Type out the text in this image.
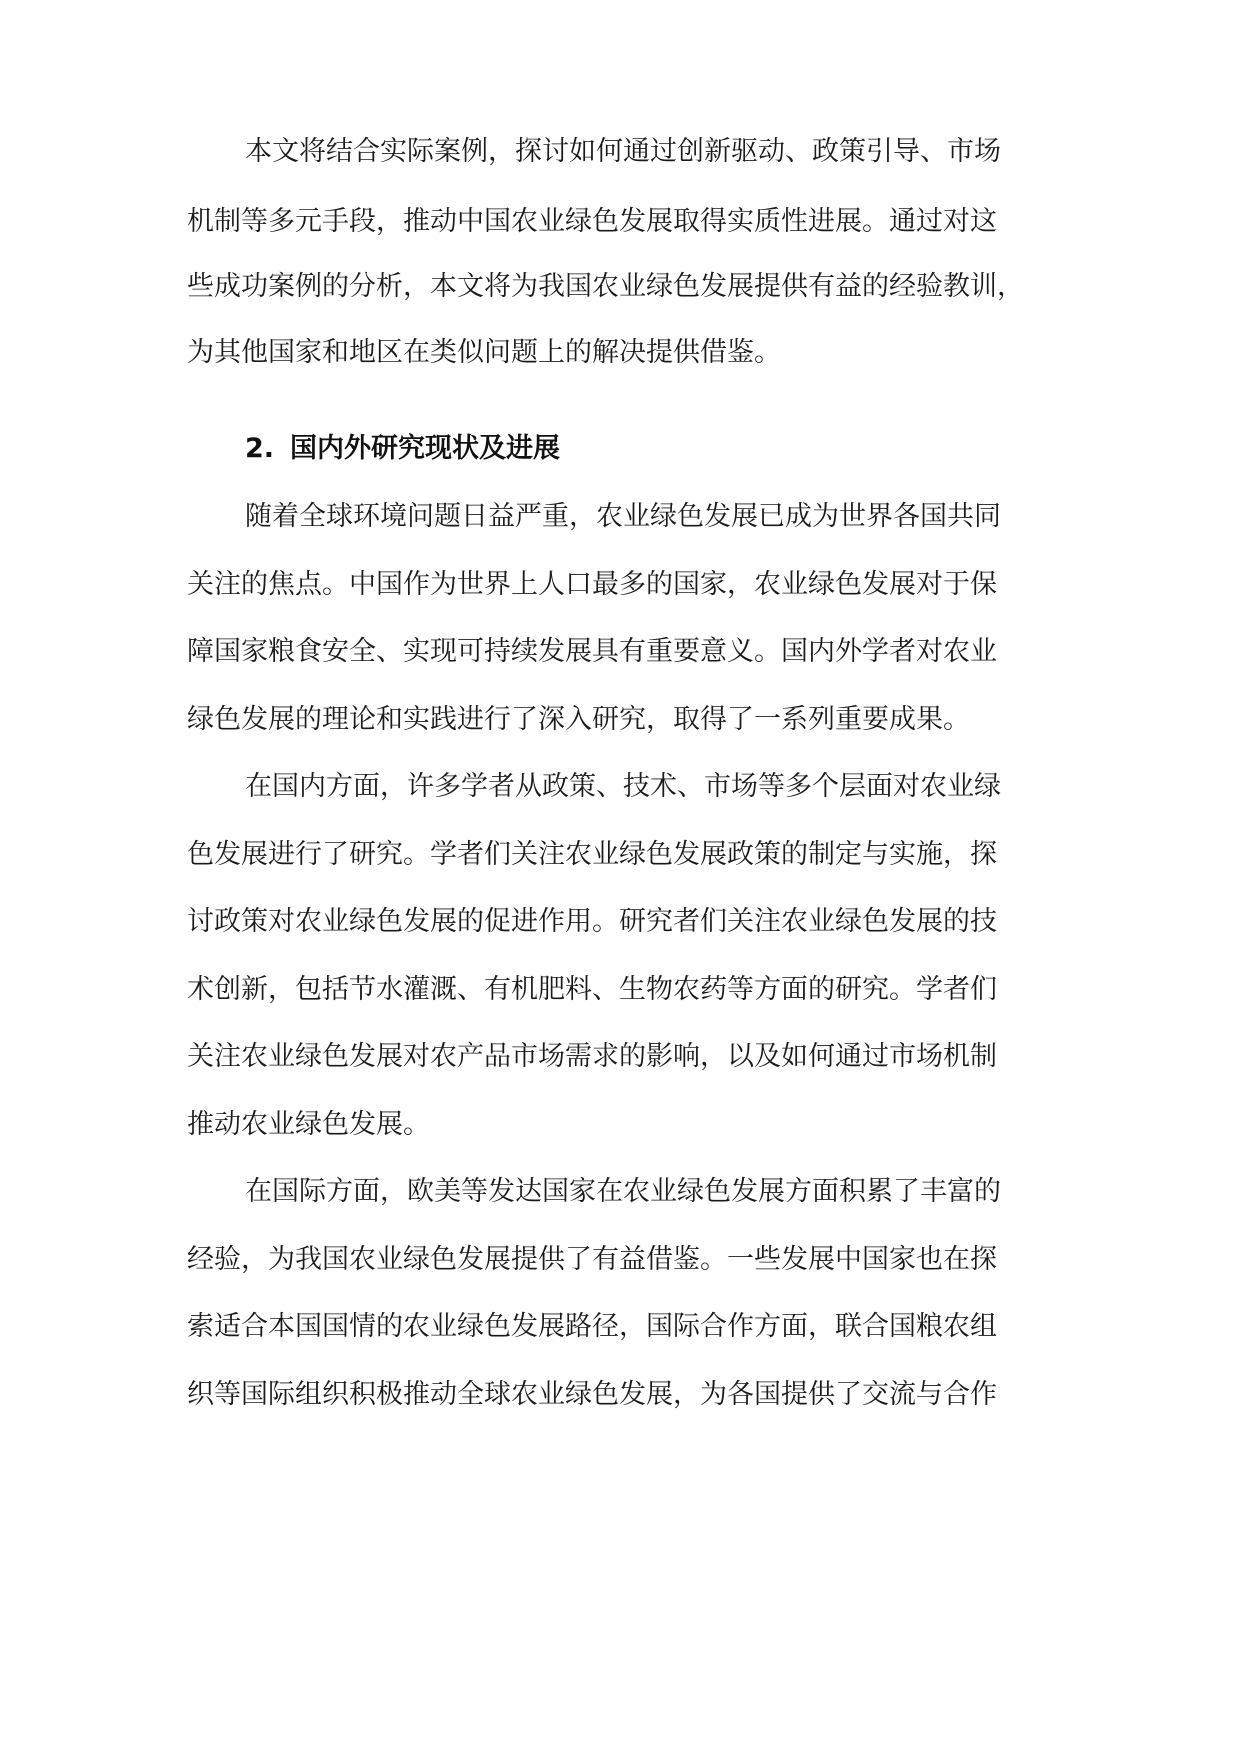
本文将结合实际案例，探讨如何通过创新驱动、政策引导、市场

机制等多元手段，推动中国农业绿色发展取得实质性进展。通过对这

些成功案例的分析，本文将为我国农业绿色发展提供有益的经验教训，

为其他国家和地区在类似问题上的解决提供借鉴。

2. 国内外研究现状及进展

随着全球环境问题日益严重，农业绿色发展已成为世界各国共同

关注的焦点。中国作为世界上人口最多的国家，农业绿色发展对于保

障国家粮食安全、实现可持续发展具有重要意义。国内外学者对农业

绿色发展的理论和实践进行了深入研究，取得了一系列重要成果。

在国内方面，许多学者从政策、技术、市场等多个层面对农业绿

色发展进行了研究。学者们关注农业绿色发展政策的制定与实施，探

讨政策对农业绿色发展的促进作用。研究者们关注农业绿色发展的技

术创新，包括节水灌溉、有机肥料、生物农药等方面的研究。学者们

关注农业绿色发展对农产品市场需求的影响，以及如何通过市场机制

推动农业绿色发展。

在国际方面，欧美等发达国家在农业绿色发展方面积累了丰富的

经验，为我国农业绿色发展提供了有益借鉴。一些发展中国家也在探

索适合本国国情的农业绿色发展路径，国际合作方面，联合国粮农组

织等国际组织积极推动全球农业绿色发展，为各国提供了交流与合作
